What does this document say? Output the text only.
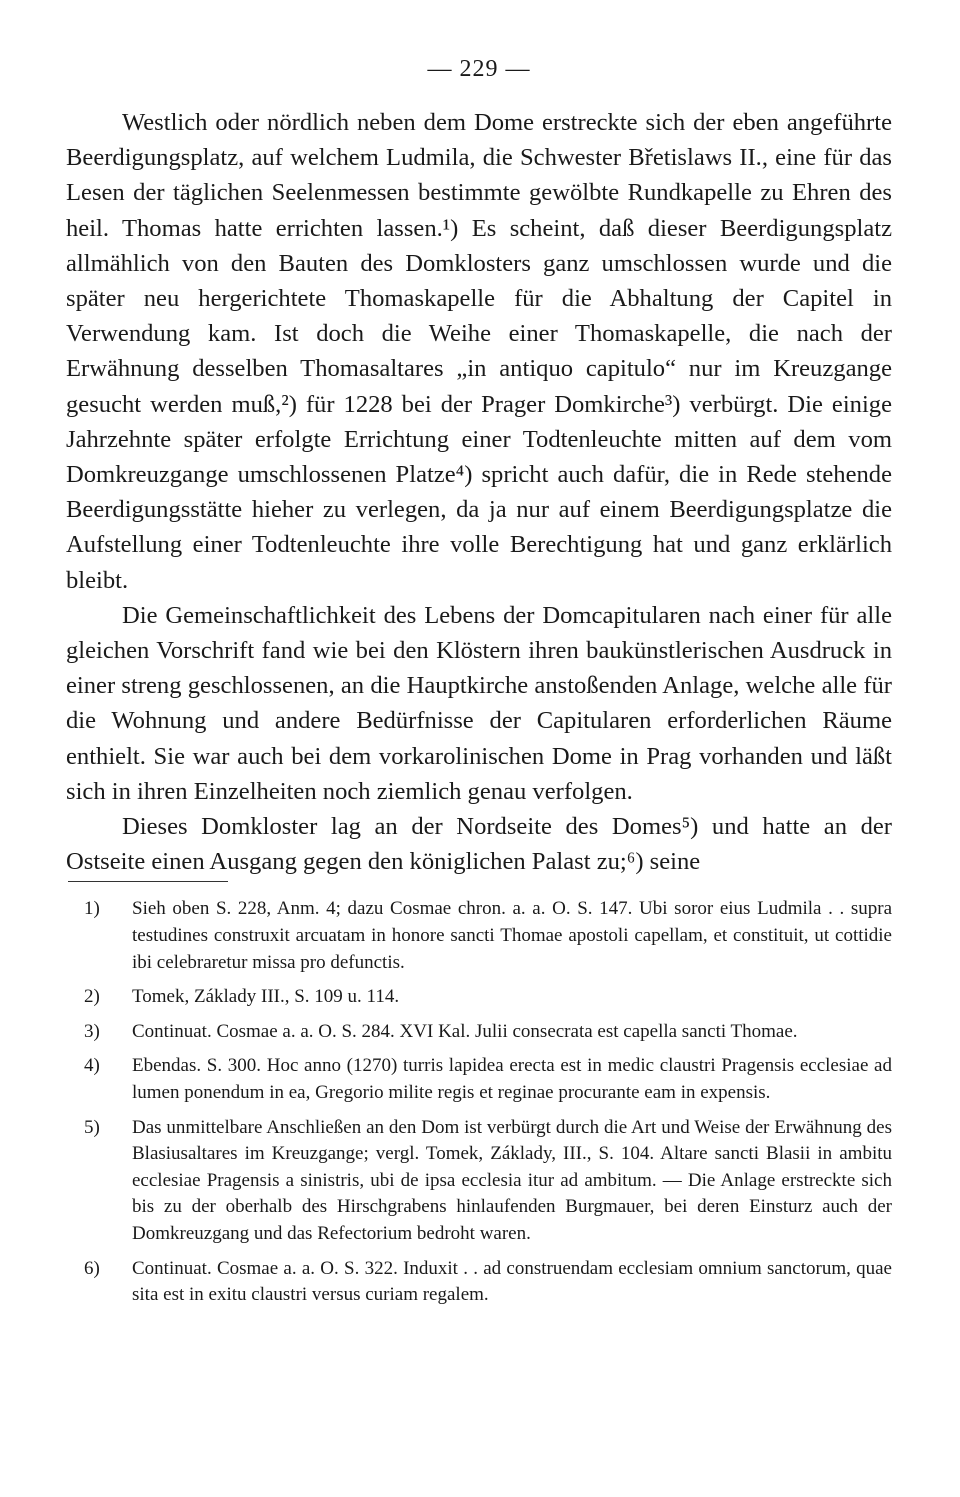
— 229 —

Westlich oder nördlich neben dem Dome erstreckte sich der eben angeführte Beerdigungsplatz, auf welchem Ludmila, die Schwester Břetislaws II., eine für das Lesen der täglichen Seelenmessen bestimmte gewölbte Rundkapelle zu Ehren des heil. Thomas hatte errichten lassen.¹) Es scheint, daß dieser Beerdigungsplatz allmählich von den Bauten des Domklosters ganz umschlossen wurde und die später neu hergerichtete Thomaskapelle für die Abhaltung der Capitel in Verwendung kam. Ist doch die Weihe einer Thomaskapelle, die nach der Erwähnung desselben Thomasaltares „in antiquo capitulo“ nur im Kreuzgange gesucht werden muß,²) für 1228 bei der Prager Domkirche³) verbürgt. Die einige Jahrzehnte später erfolgte Errichtung einer Todtenleuchte mitten auf dem vom Domkreuzgange umschlossenen Platze⁴) spricht auch dafür, die in Rede stehende Beerdigungsstätte hieher zu verlegen, da ja nur auf einem Beerdigungsplatze die Aufstellung einer Todtenleuchte ihre volle Berechtigung hat und ganz erklärlich bleibt.

Die Gemeinschaftlichkeit des Lebens der Domcapitularen nach einer für alle gleichen Vorschrift fand wie bei den Klöstern ihren baukünstlerischen Ausdruck in einer streng geschlossenen, an die Hauptkirche anstoßenden Anlage, welche alle für die Wohnung und andere Bedürfnisse der Capitularen erforderlichen Räume enthielt. Sie war auch bei dem vorkarolinischen Dome in Prag vorhanden und läßt sich in ihren Einzelheiten noch ziemlich genau verfolgen.

Dieses Domkloster lag an der Nordseite des Domes⁵) und hatte an der Ostseite einen Ausgang gegen den königlichen Palast zu;⁶) seine

1)	Sieh oben S. 228, Anm. 4; dazu Cosmae chron. a. a. O. S. 147. Ubi soror eius Ludmila . . supra testudines construxit arcuatam in honore sancti Thomae apostoli capellam, et constituit, ut cottidie ibi celebraretur missa pro defunctis.
2)	Tomek, Základy III., S. 109 u. 114.
3)	Continuat. Cosmae a. a. O. S. 284. XVI Kal. Julii consecrata est capella sancti Thomae.
4)	Ebendas. S. 300. Hoc anno (1270) turris lapidea erecta est in medic claustri Pragensis ecclesiae ad lumen ponendum in ea, Gregorio milite regis et reginae procurante eam in expensis.
5)	Das unmittelbare Anschließen an den Dom ist verbürgt durch die Art und Weise der Erwähnung des Blasiusaltares im Kreuzgange; vergl. Tomek, Základy, III., S. 104. Altare sancti Blasii in ambitu ecclesiae Pragensis a sinistris, ubi de ipsa ecclesia itur ad ambitum. — Die Anlage erstreckte sich bis zu der oberhalb des Hirschgrabens hinlaufenden Burgmauer, bei deren Einsturz auch der Domkreuzgang und das Refectorium bedroht waren.
6)	Continuat. Cosmae a. a. O. S. 322. Induxit . . ad construendam ecclesiam omnium sanctorum, quae sita est in exitu claustri versus curiam regalem.
